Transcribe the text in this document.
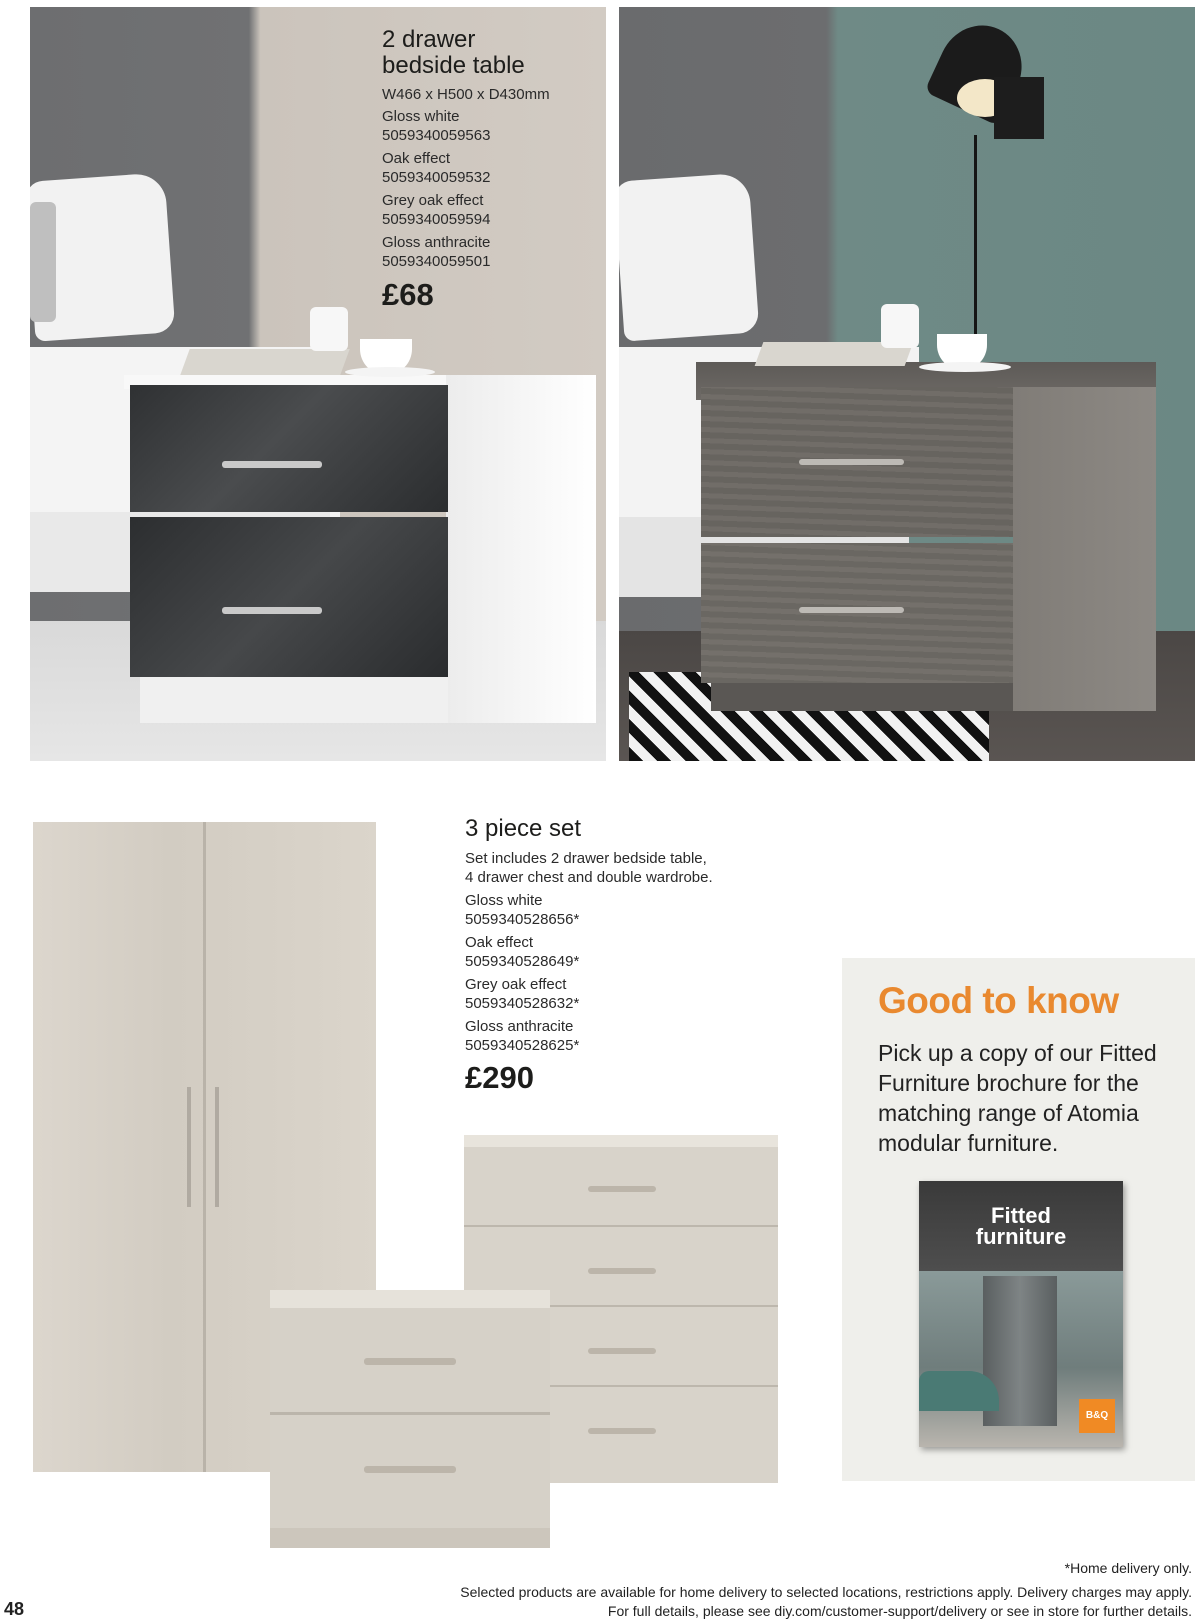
2 drawer
bedside table
W466 x H500 x D430mm
Gloss white
5059340059563
Oak effect
5059340059532
Grey oak effect
5059340059594
Gloss anthracite
5059340059501
£68
3 piece set
Set includes 2 drawer bedside table,
4 drawer chest and double wardrobe.
Gloss white
5059340528656*
Oak effect
5059340528649*
Grey oak effect
5059340528632*
Gloss anthracite
5059340528625*
£290
Good to know
Pick up a copy of our Fitted Furniture brochure for the matching range of Atomia modular furniture.
Fitted
furniture
B&Q
*Home delivery only.
Selected products are available for home delivery to selected locations, restrictions apply. Delivery charges may apply.
For full details, please see diy.com/customer-support/delivery or see in store for further details.
48
